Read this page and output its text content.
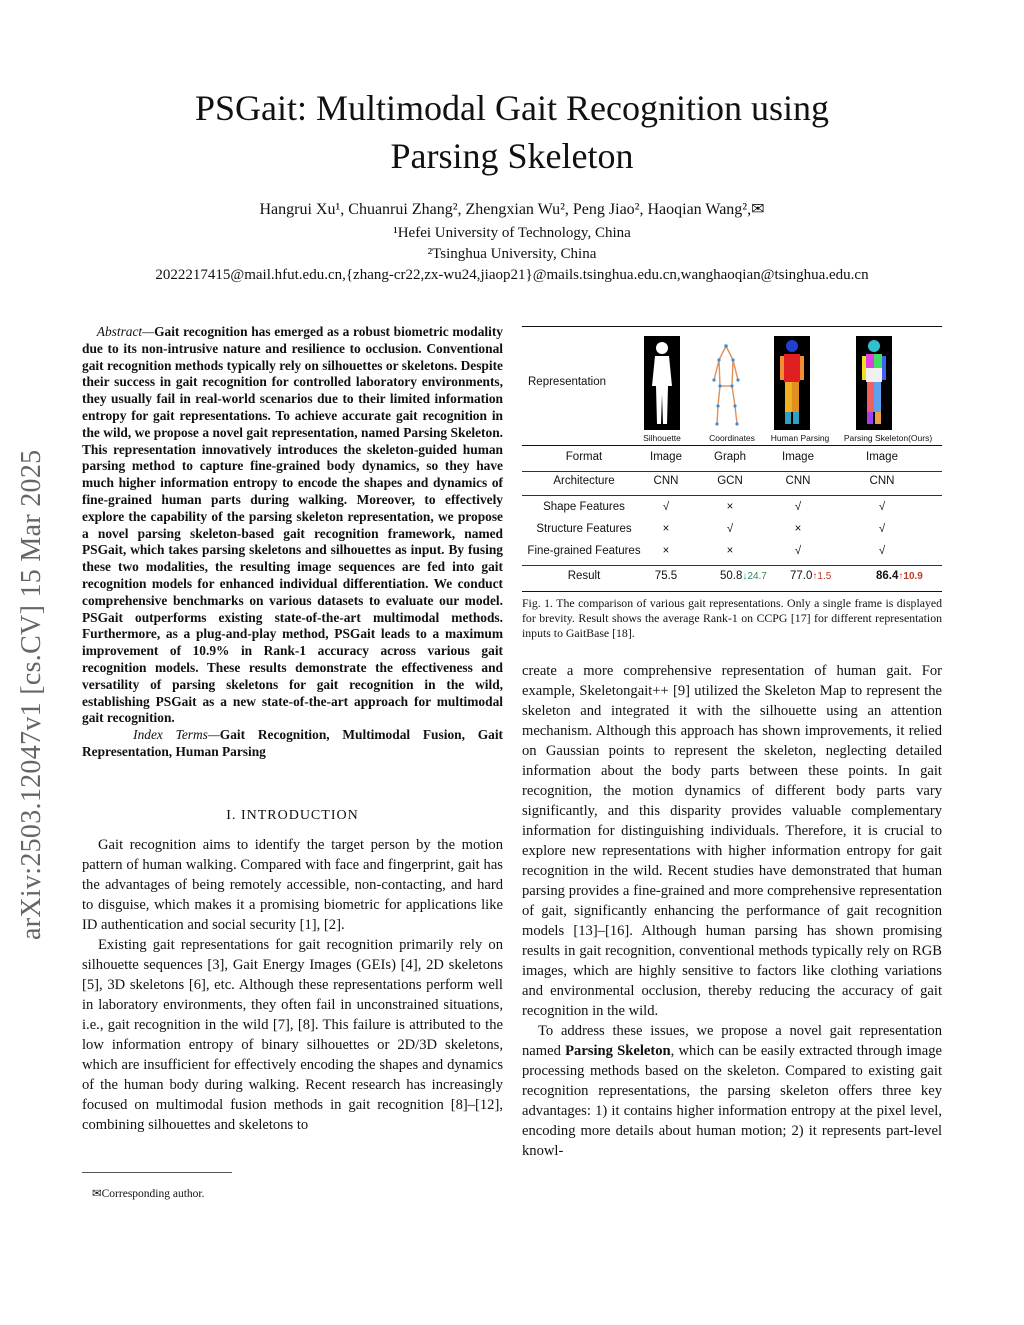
PSGait: Multimodal Gait Recognition using
Parsing Skeleton
Hangrui Xu¹, Chuanrui Zhang², Zhengxian Wu², Peng Jiao², Haoqian Wang²,✉
¹Hefei University of Technology, China
²Tsinghua University, China
2022217415@mail.hfut.edu.cn,{zhang-cr22,zx-wu24,jiaop21}@mails.tsinghua.edu.cn,wanghaoqian@tsinghua.edu.cn
arXiv:2503.12047v1 [cs.CV] 15 Mar 2025
Abstract—Gait recognition has emerged as a robust biometric modality due to its non-intrusive nature and resilience to occlusion. Conventional gait recognition methods typically rely on silhouettes or skeletons. Despite their success in gait recognition for controlled laboratory environments, they usually fail in real-world scenarios due to their limited information entropy for gait representations. To achieve accurate gait recognition in the wild, we propose a novel gait representation, named Parsing Skeleton. This representation innovatively introduces the skeleton-guided human parsing method to capture fine-grained body dynamics, so they have much higher information entropy to encode the shapes and dynamics of fine-grained human parts during walking. Moreover, to effectively explore the capability of the parsing skeleton representation, we propose a novel parsing skeleton-based gait recognition framework, named PSGait, which takes parsing skeletons and silhouettes as input. By fusing these two modalities, the resulting image sequences are fed into gait recognition models for enhanced individual differentiation. We conduct comprehensive benchmarks on various datasets to evaluate our model. PSGait outperforms existing state-of-the-art multimodal methods. Furthermore, as a plug-and-play method, PSGait leads to a maximum improvement of 10.9% in Rank-1 accuracy across various gait recognition models. These results demonstrate the effectiveness and versatility of parsing skeletons for gait recognition in the wild, establishing PSGait as a new state-of-the-art approach for multimodal gait recognition.
Index Terms—Gait Recognition, Multimodal Fusion, Gait Representation, Human Parsing
I. INTRODUCTION

Gait recognition aims to identify the target person by the motion pattern of human walking. Compared with face and fingerprint, gait has the advantages of being remotely accessible, non-contacting, and hard to disguise, which makes it a promising biometric for applications like ID authentication and social security [1], [2].

Existing gait representations for gait recognition primarily rely on silhouette sequences [3], Gait Energy Images (GEIs) [4], 2D skeletons [5], 3D skeletons [6], etc. Although these representations perform well in laboratory environments, they often fail in unconstrained situations, i.e., gait recognition in the wild [7], [8]. This failure is attributed to the low information entropy of binary silhouettes or 2D/3D skeletons, which are insufficient for effectively encoding the shapes and dynamics of the human body during walking. Recent research has increasingly focused on multimodal fusion methods in gait recognition [8]–[12], combining silhouettes and skeletons to

✉Corresponding author.
Representation
Silhouette	Coordinates	Human Parsing	Parsing Skeleton(Ours)
Format	Image	Graph	Image	Image
Architecture	CNN	GCN	CNN	CNN
Shape Features	√	×	√	√
Structure Features	×	√	×	√
Fine-grained Features	×	×	√	√
Result	75.5	50.8↓24.7	77.0↑1.5	86.4↑10.9
Fig. 1. The comparison of various gait representations. Only a single frame is displayed for brevity. Result shows the average Rank-1 on CCPG [17] for different representation inputs to GaitBase [18].

create a more comprehensive representation of human gait. For example, Skeletongait++ [9] utilized the Skeleton Map to represent the skeleton and integrated it with the silhouette using an attention mechanism. Although this approach has shown improvements, it relied on Gaussian points to represent the skeleton, neglecting detailed information about the body parts between these points. In gait recognition, the motion dynamics of different body parts vary significantly, and this disparity provides valuable complementary information for distinguishing individuals. Therefore, it is crucial to explore new representations with higher information entropy for gait recognition in the wild. Recent studies have demonstrated that human parsing provides a fine-grained and more comprehensive representation of gait, significantly enhancing the performance of gait recognition models [13]–[16]. Although human parsing has shown promising results in gait recognition, conventional methods typically rely on RGB images, which are highly sensitive to factors like clothing variations and environmental occlusion, thereby reducing the accuracy of gait recognition in the wild.

To address these issues, we propose a novel gait representation named Parsing Skeleton, which can be easily extracted through image processing methods based on the skeleton. Compared to existing gait recognition representations, the parsing skeleton offers three key advantages: 1) it contains higher information entropy at the pixel level, encoding more details about human motion; 2) it represents part-level knowl-
